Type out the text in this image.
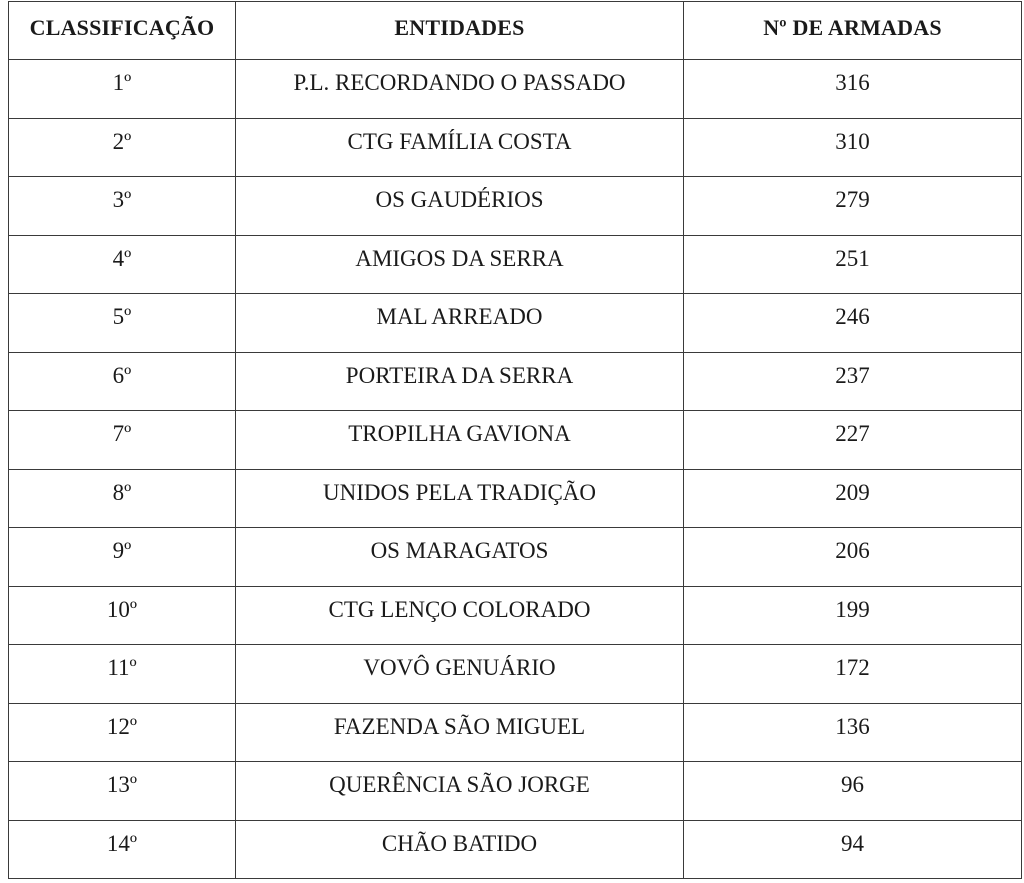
CLASSIFICAÇÃO	ENTIDADES	Nº DE ARMADAS
1º	P.L. RECORDANDO O PASSADO	316
2º	CTG FAMÍLIA COSTA	310
3º	OS GAUDÉRIOS	279
4º	AMIGOS DA SERRA	251
5º	MAL ARREADO	246
6º	PORTEIRA DA SERRA	237
7º	TROPILHA GAVIONA	227
8º	UNIDOS PELA TRADIÇÃO	209
9º	OS MARAGATOS	206
10º	CTG LENÇO COLORADO	199
11º	VOVÔ GENUÁRIO	172
12º	FAZENDA SÃO MIGUEL	136
13º	QUERÊNCIA SÃO JORGE	96
14º	CHÃO BATIDO	94
